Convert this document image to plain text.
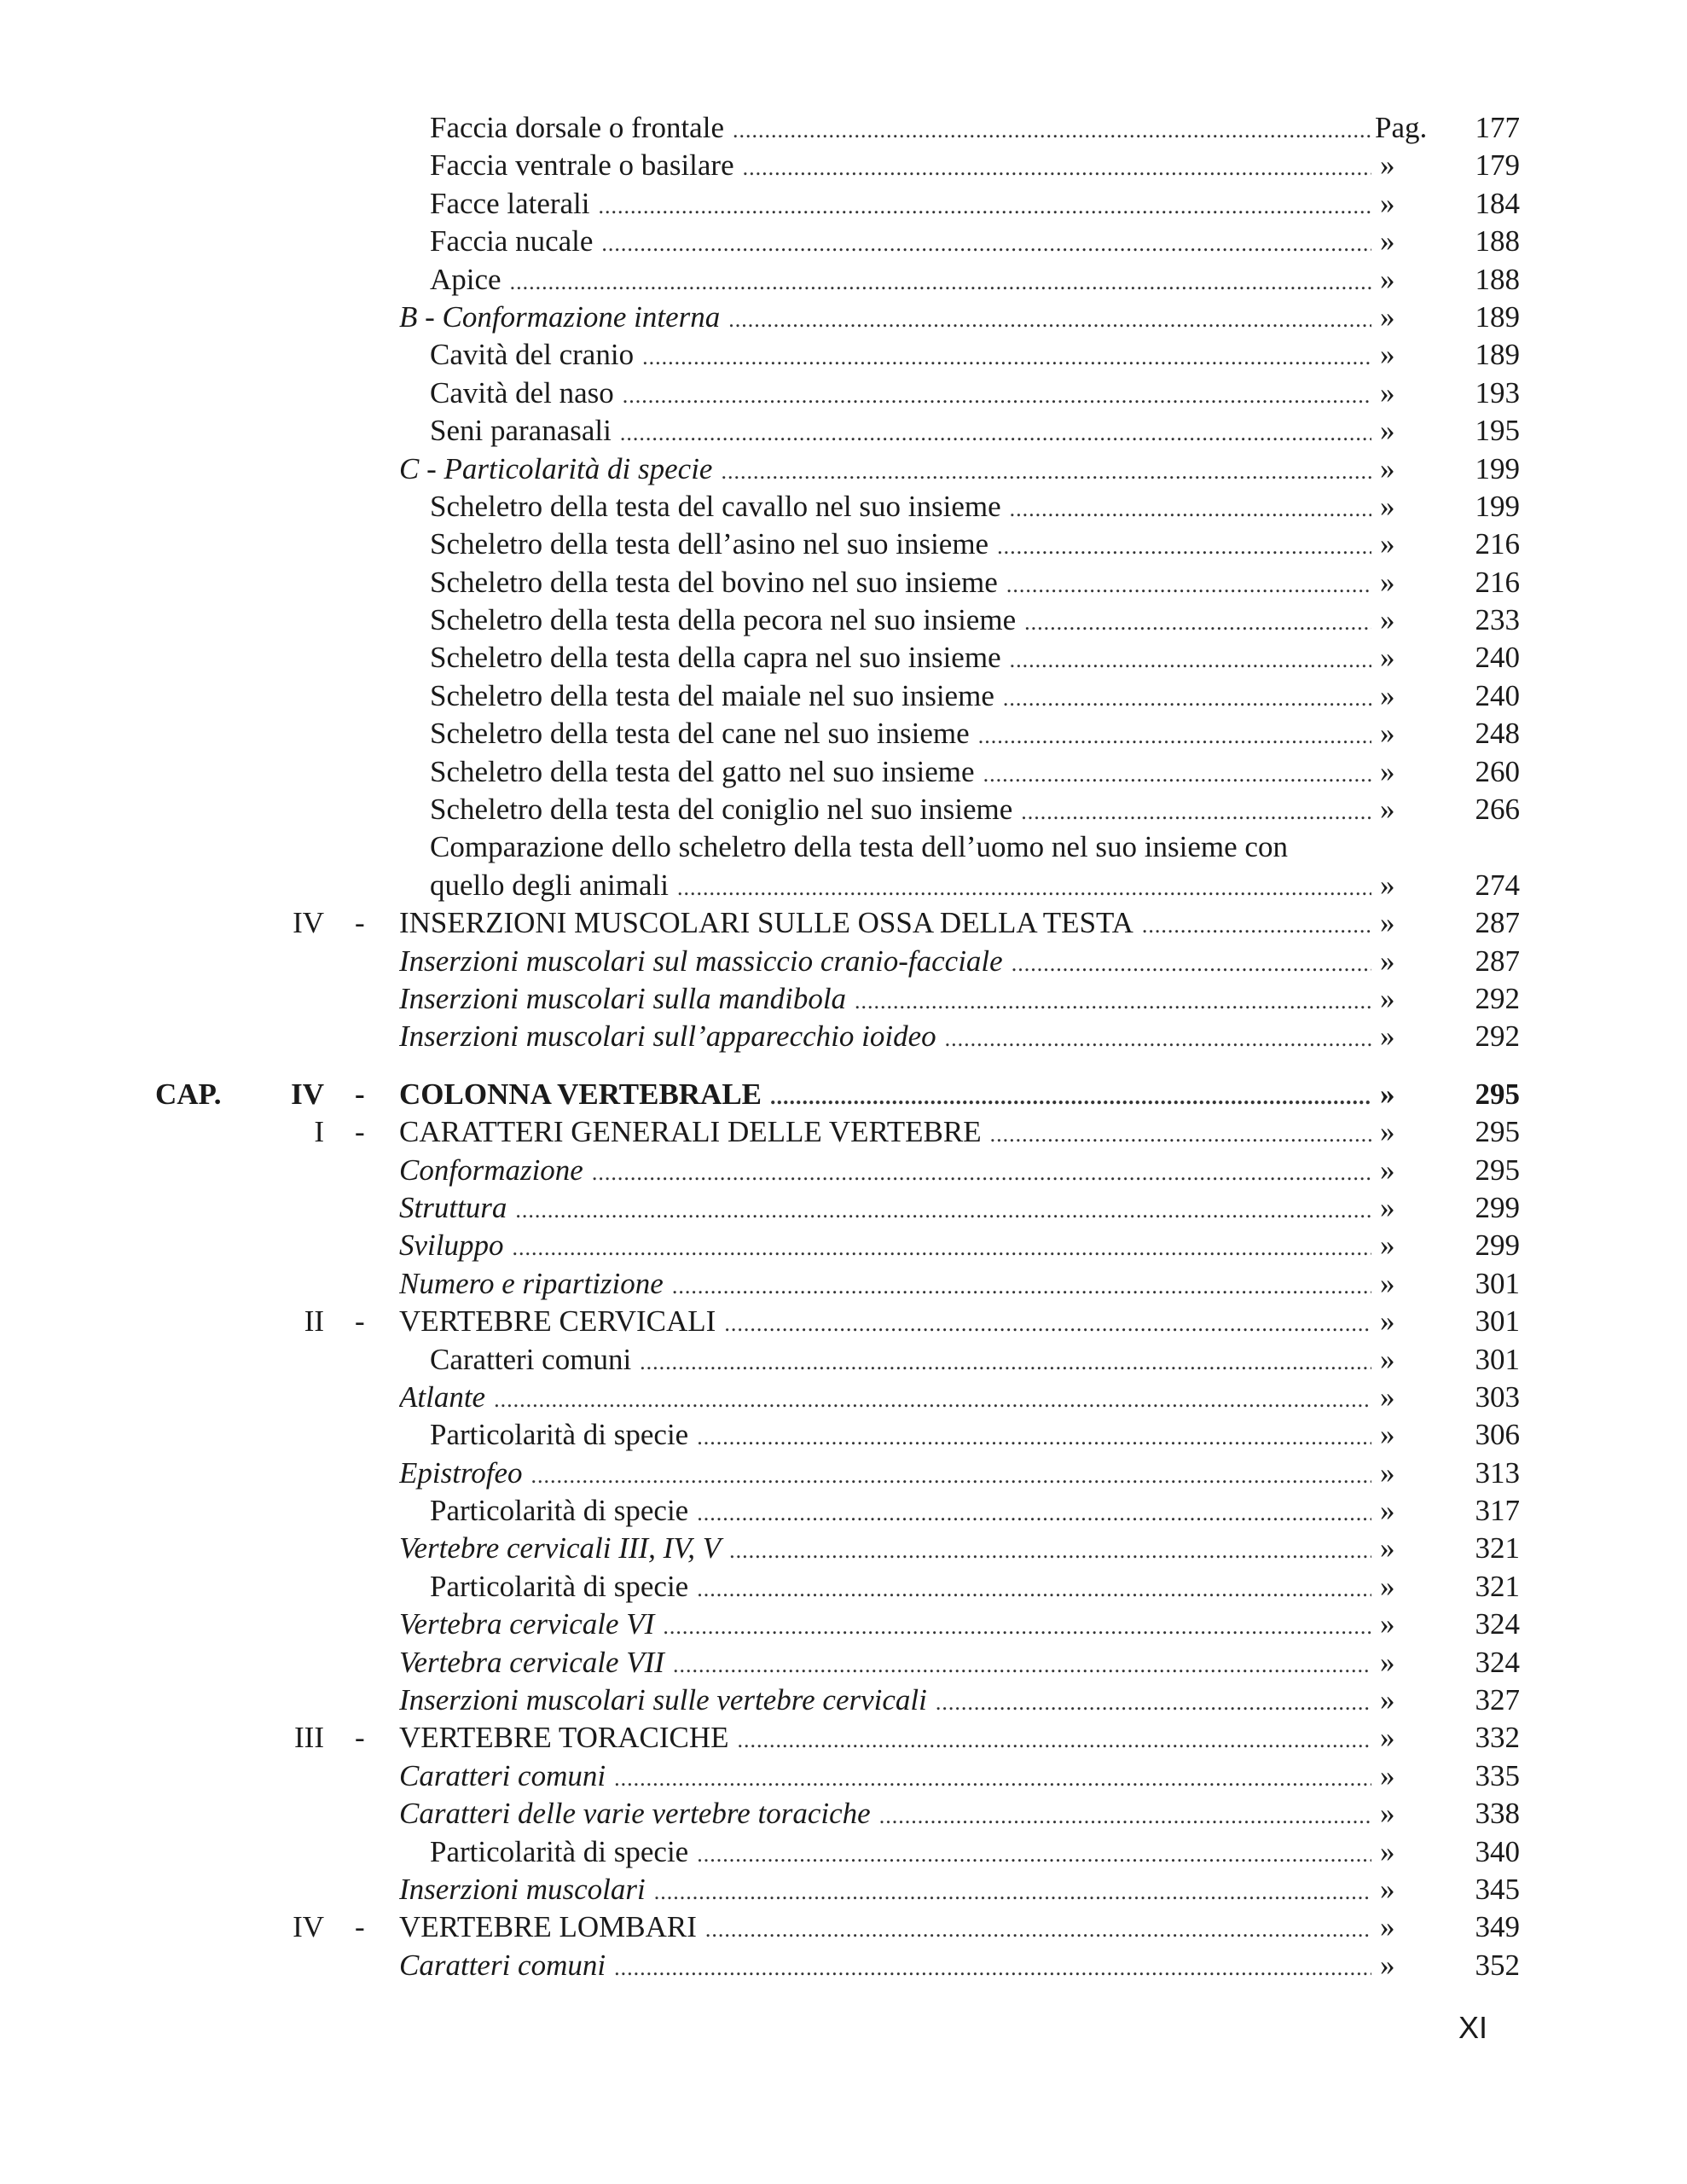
Faccia dorsale o frontale .....	Pag.	177
Faccia ventrale o basilare .....	»	179
Facce laterali .....	»	184
Faccia nucale .....	»	188
Apice .....	»	188
B - Conformazione interna .....	»	189
Cavità del cranio .....	»	189
Cavità del naso .....	»	193
Seni paranasali .....	»	195
C - Particolarità di specie .....	»	199
Scheletro della testa del cavallo nel suo insieme .....	»	199
Scheletro della testa dell’asino nel suo insieme .....	»	216
Scheletro della testa del bovino nel suo insieme .....	»	216
Scheletro della testa della pecora nel suo insieme .....	»	233
Scheletro della testa della capra nel suo insieme .....	»	240
Scheletro della testa del maiale nel suo insieme .....	»	240
Scheletro della testa del cane nel suo insieme .....	»	248
Scheletro della testa del gatto nel suo insieme .....	»	260
Scheletro della testa del coniglio nel suo insieme .....	»	266
Comparazione dello scheletro della testa dell’uomo nel suo insieme con
quello degli animali .....	»	274
IV - INSERZIONI MUSCOLARI SULLE OSSA DELLA TESTA .....	»	287
Inserzioni muscolari sul massiccio cranio-facciale .....	»	287
Inserzioni muscolari sulla mandibola .....	»	292
Inserzioni muscolari sull’apparecchio ioideo .....	»	292
CAP.	IV - COLONNA VERTEBRALE .....	»	295
I - CARATTERI GENERALI DELLE VERTEBRE .....	»	295
Conformazione .....	»	295
Struttura .....	»	299
Sviluppo .....	»	299
Numero e ripartizione .....	»	301
II - VERTEBRE CERVICALI .....	»	301
Caratteri comuni .....	»	301
Atlante .....	»	303
Particolarità di specie .....	»	306
Epistrofeo .....	»	313
Particolarità di specie .....	»	317
Vertebre cervicali III, IV, V .....	»	321
Particolarità di specie .....	»	321
Vertebra cervicale VI .....	»	324
Vertebra cervicale VII .....	»	324
Inserzioni muscolari sulle vertebre cervicali .....	»	327
III - VERTEBRE TORACICHE .....	»	332
Caratteri comuni .....	»	335
Caratteri delle varie vertebre toraciche .....	»	338
Particolarità di specie .....	»	340
Inserzioni muscolari .....	»	345
IV - VERTEBRE LOMBARI .....	»	349
Caratteri comuni .....	»	352
XI
